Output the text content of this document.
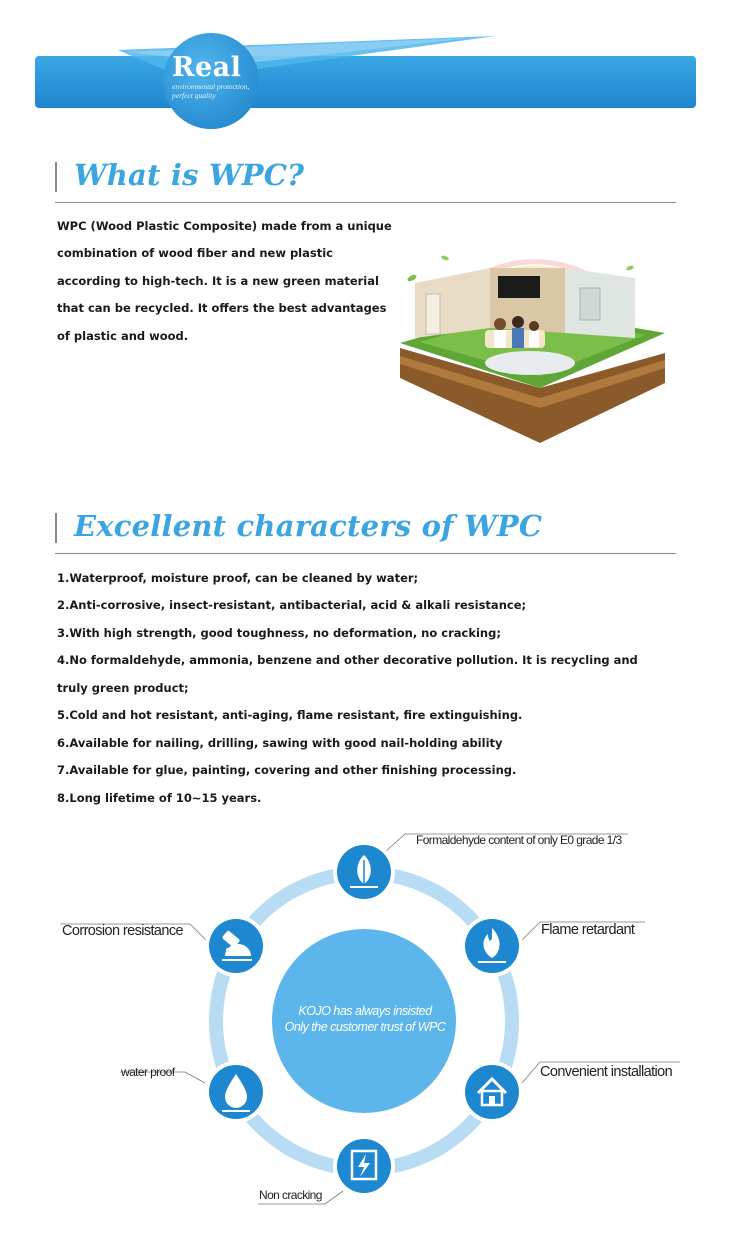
Real
environmental protection,
perfect quality
What is WPC?

WPC (Wood Plastic Composite) made from a unique

combination of wood fiber and new plastic

according to high-tech. It is a new green material

that can be recycled. It offers the best advantages

of plastic and wood.

Excellent characters of WPC

1.Waterproof, moisture proof, can be cleaned by water;

2.Anti-corrosive, insect-resistant, antibacterial, acid & alkali resistance;

3.With high strength, good toughness, no deformation, no cracking;

4.No formaldehyde, ammonia, benzene and other decorative pollution. It is recycling and

truly green product;

5.Cold and hot resistant, anti-aging, flame resistant, fire extinguishing.

6.Available for nailing, drilling, sawing with good nail-holding ability

7.Available for glue, painting, covering and other finishing processing.

8.Long lifetime of 10~15 years.

KOJO has always insisted
Only the customer trust of WPC
Formaldehyde content of only E0 grade 1/3
Flame retardant
Convenient installation
Non cracking
water proof
Corrosion resistance
